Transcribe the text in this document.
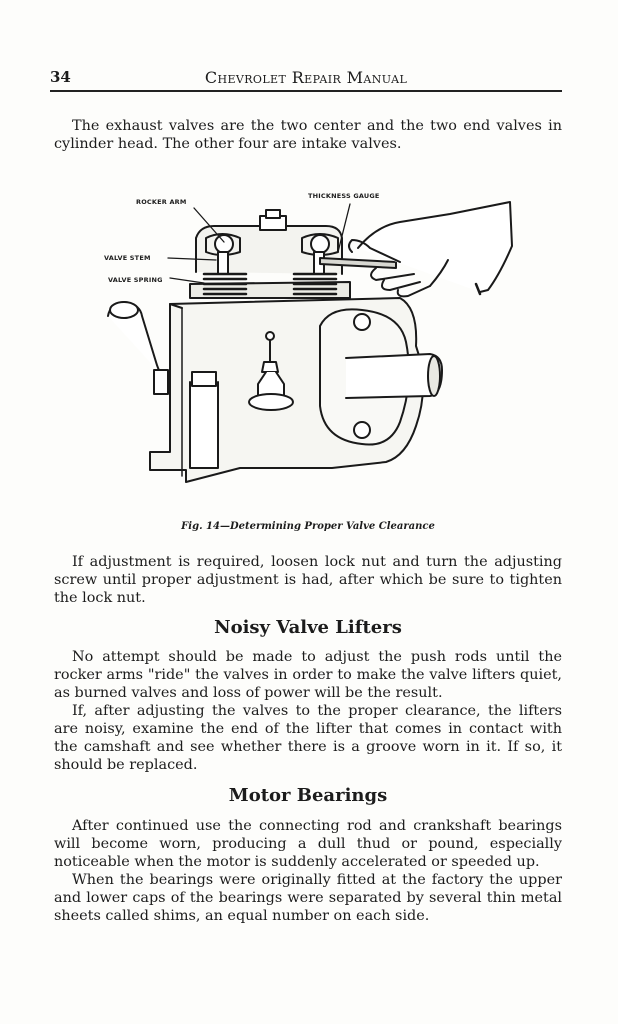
34	Chevrolet Repair Manual

The exhaust valves are the two center and the two end valves in cylinder head. The other four are intake valves.

ROCKER ARM
THICKNESS GAUGE
VALVE STEM
VALVE SPRING

Fig. 14—Determining Proper Valve Clearance

If adjustment is required, loosen lock nut and turn the adjusting screw until proper adjustment is had, after which be sure to tighten the lock nut.

Noisy Valve Lifters

No attempt should be made to adjust the push rods until the rocker arms "ride" the valves in order to make the valve lifters quiet, as burned valves and loss of power will be the result.

If, after adjusting the valves to the proper clearance, the lifters are noisy, examine the end of the lifter that comes in contact with the camshaft and see whether there is a groove worn in it. If so, it should be replaced.

Motor Bearings

After continued use the connecting rod and crankshaft bearings will become worn, producing a dull thud or pound, especially noticeable when the motor is suddenly accelerated or speeded up.

When the bearings were originally fitted at the factory the upper and lower caps of the bearings were separated by several thin metal sheets called shims, an equal number on each side.
